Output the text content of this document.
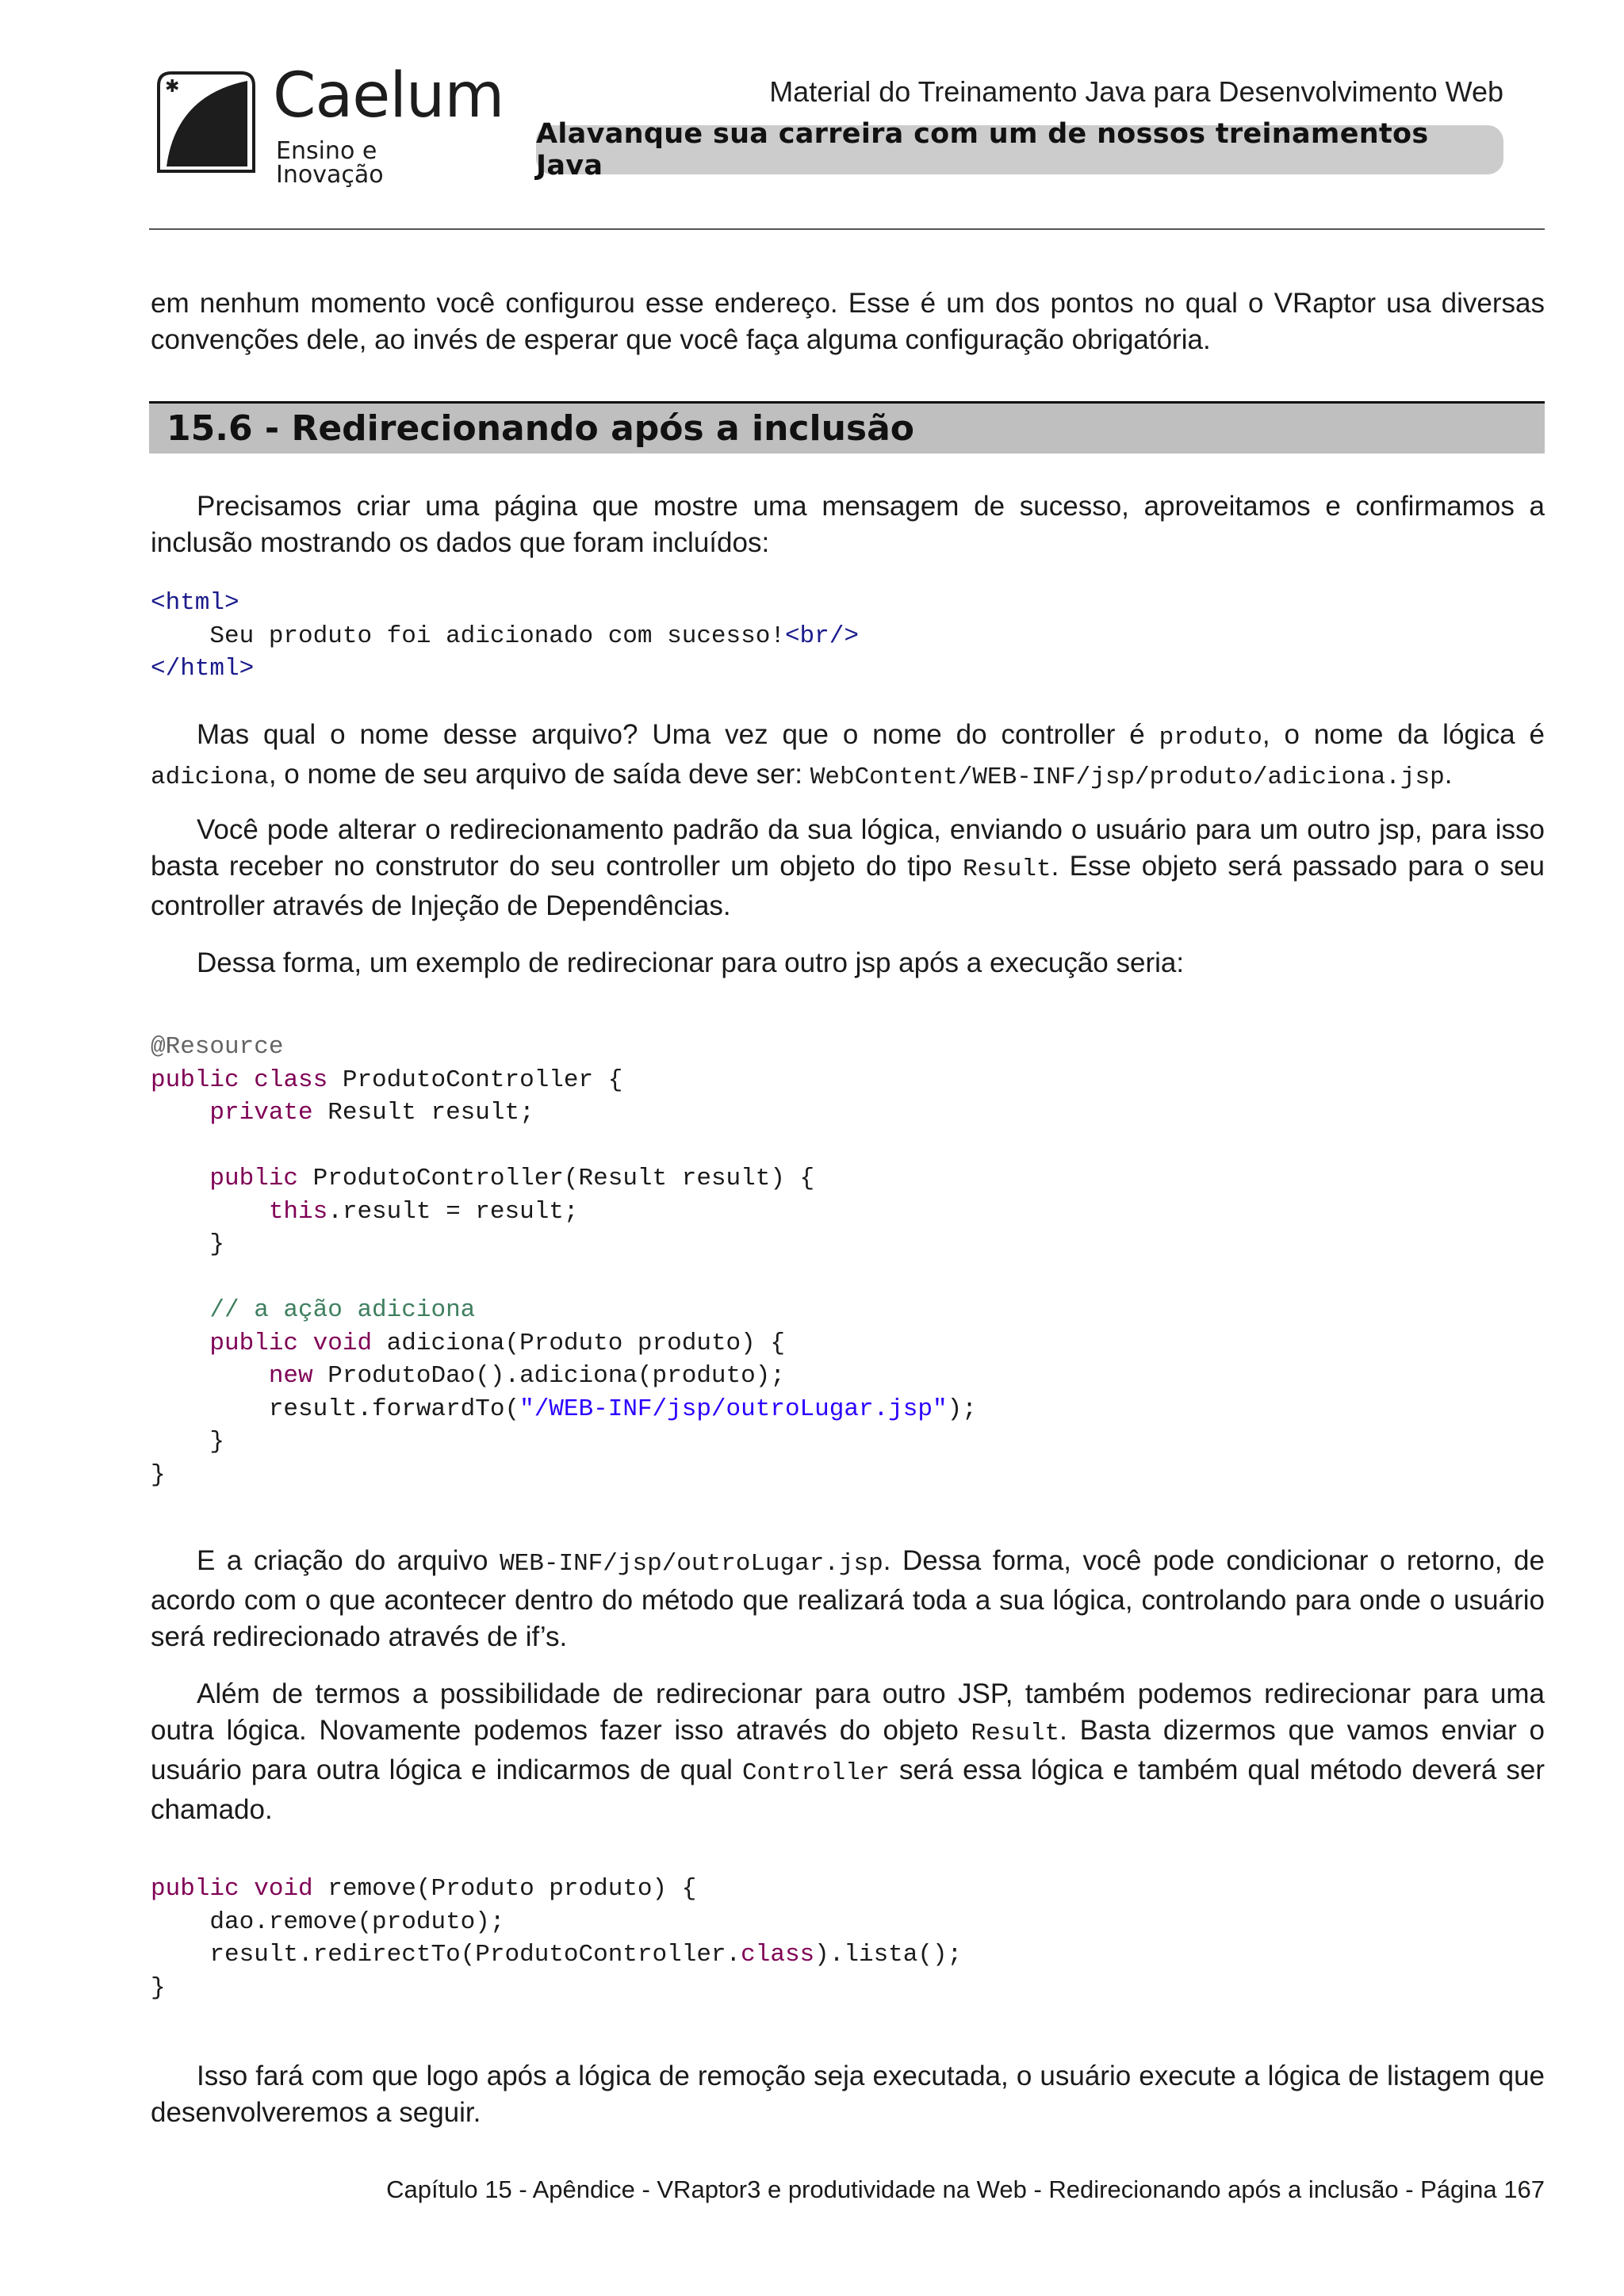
✱ Caelum
Ensino e Inovação
Material do Treinamento Java para Desenvolvimento Web
Alavanque sua carreira com um de nossos treinamentos Java
em nenhum momento você configurou esse endereço. Esse é um dos pontos no qual o VRaptor usa diversas convenções dele, ao invés de esperar que você faça alguma configuração obrigatória.
15.6 - Redirecionando após a inclusão
Precisamos criar uma página que mostre uma mensagem de sucesso, aproveitamos e confirmamos a inclusão mostrando os dados que foram incluídos:
<html>
Seu produto foi adicionado com sucesso!<br/>
</html>
Mas qual o nome desse arquivo? Uma vez que o nome do controller é produto, o nome da lógica é adiciona, o nome de seu arquivo de saída deve ser: WebContent/WEB-INF/jsp/produto/adiciona.jsp.
Você pode alterar o redirecionamento padrão da sua lógica, enviando o usuário para um outro jsp, para isso basta receber no construtor do seu controller um objeto do tipo Result. Esse objeto será passado para o seu controller através de Injeção de Dependências.
Dessa forma, um exemplo de redirecionar para outro jsp após a execução seria:
@Resource
public class ProdutoController {
private Result result;

public ProdutoController(Result result) {
this.result = result;
}

// a ação adiciona
public void adiciona(Produto produto) {
new ProdutoDao().adiciona(produto);
result.forwardTo("/WEB-INF/jsp/outroLugar.jsp");
}
}
E a criação do arquivo WEB-INF/jsp/outroLugar.jsp. Dessa forma, você pode condicionar o retorno, de acordo com o que acontecer dentro do método que realizará toda a sua lógica, controlando para onde o usuário será redirecionado através de if’s.
Além de termos a possibilidade de redirecionar para outro JSP, também podemos redirecionar para uma outra lógica. Novamente podemos fazer isso através do objeto Result. Basta dizermos que vamos enviar o usuário para outra lógica e indicarmos de qual Controller será essa lógica e também qual método deverá ser chamado.
public void remove(Produto produto) {
dao.remove(produto);
result.redirectTo(ProdutoController.class).lista();
}
Isso fará com que logo após a lógica de remoção seja executada, o usuário execute a lógica de listagem que desenvolveremos a seguir.
Capítulo 15 - Apêndice - VRaptor3 e produtividade na Web - Redirecionando após a inclusão - Página 167
